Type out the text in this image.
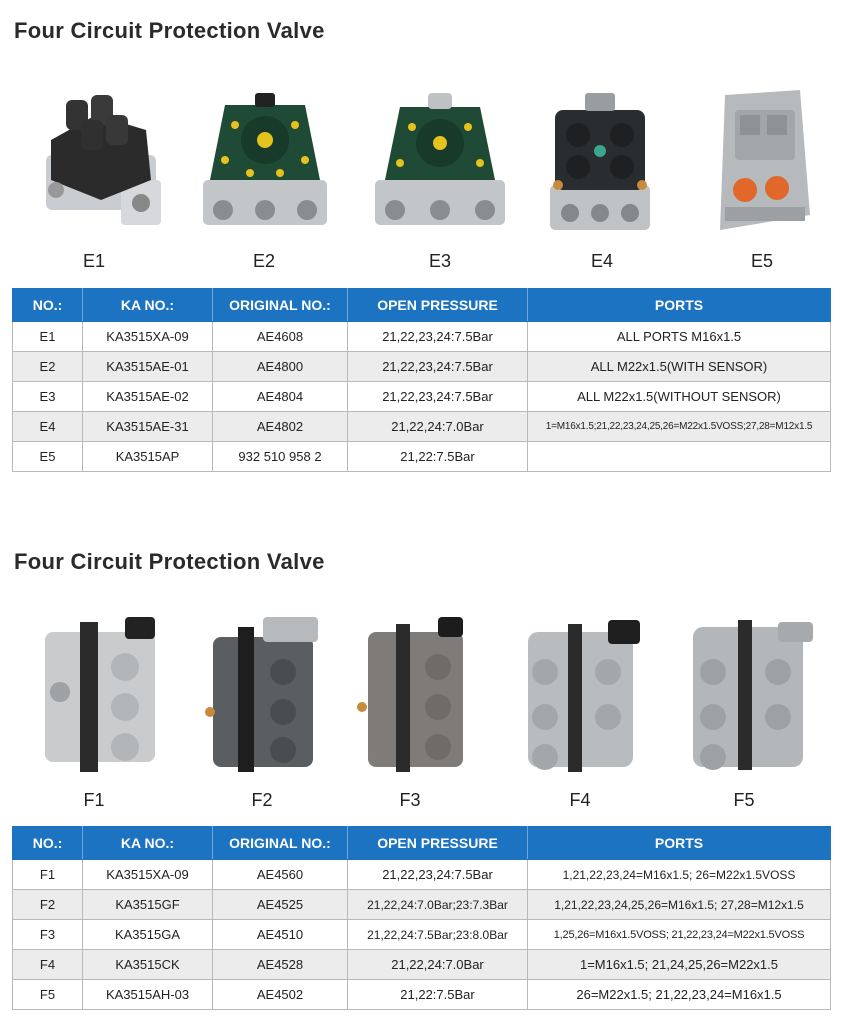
Four Circuit Protection Valve
E1	E2	E3	E4	E5
NO.:	KA NO.:	ORIGINAL NO.:	OPEN PRESSURE	PORTS
E1	KA3515XA-09	AE4608	21,22,23,24:7.5Bar	ALL PORTS M16x1.5
E2	KA3515AE-01	AE4800	21,22,23,24:7.5Bar	ALL M22x1.5(WITH SENSOR)
E3	KA3515AE-02	AE4804	21,22,23,24:7.5Bar	ALL M22x1.5(WITHOUT SENSOR)
E4	KA3515AE-31	AE4802	21,22,24:7.0Bar	1=M16x1.5;21,22,23,24,25,26=M22x1.5VOSS;27,28=M12x1.5
E5	KA3515AP	932 510 958 2	21,22:7.5Bar	
Four Circuit Protection Valve
F1	F2	F3	F4	F5
NO.:	KA NO.:	ORIGINAL NO.:	OPEN PRESSURE	PORTS
F1	KA3515XA-09	AE4560	21,22,23,24:7.5Bar	1,21,22,23,24=M16x1.5; 26=M22x1.5VOSS
F2	KA3515GF	AE4525	21,22,24:7.0Bar;23:7.3Bar	1,21,22,23,24,25,26=M16x1.5; 27,28=M12x1.5
F3	KA3515GA	AE4510	21,22,24:7.5Bar;23:8.0Bar	1,25,26=M16x1.5VOSS; 21,22,23,24=M22x1.5VOSS
F4	KA3515CK	AE4528	21,22,24:7.0Bar	1=M16x1.5; 21,24,25,26=M22x1.5
F5	KA3515AH-03	AE4502	21,22:7.5Bar	26=M22x1.5; 21,22,23,24=M16x1.5
